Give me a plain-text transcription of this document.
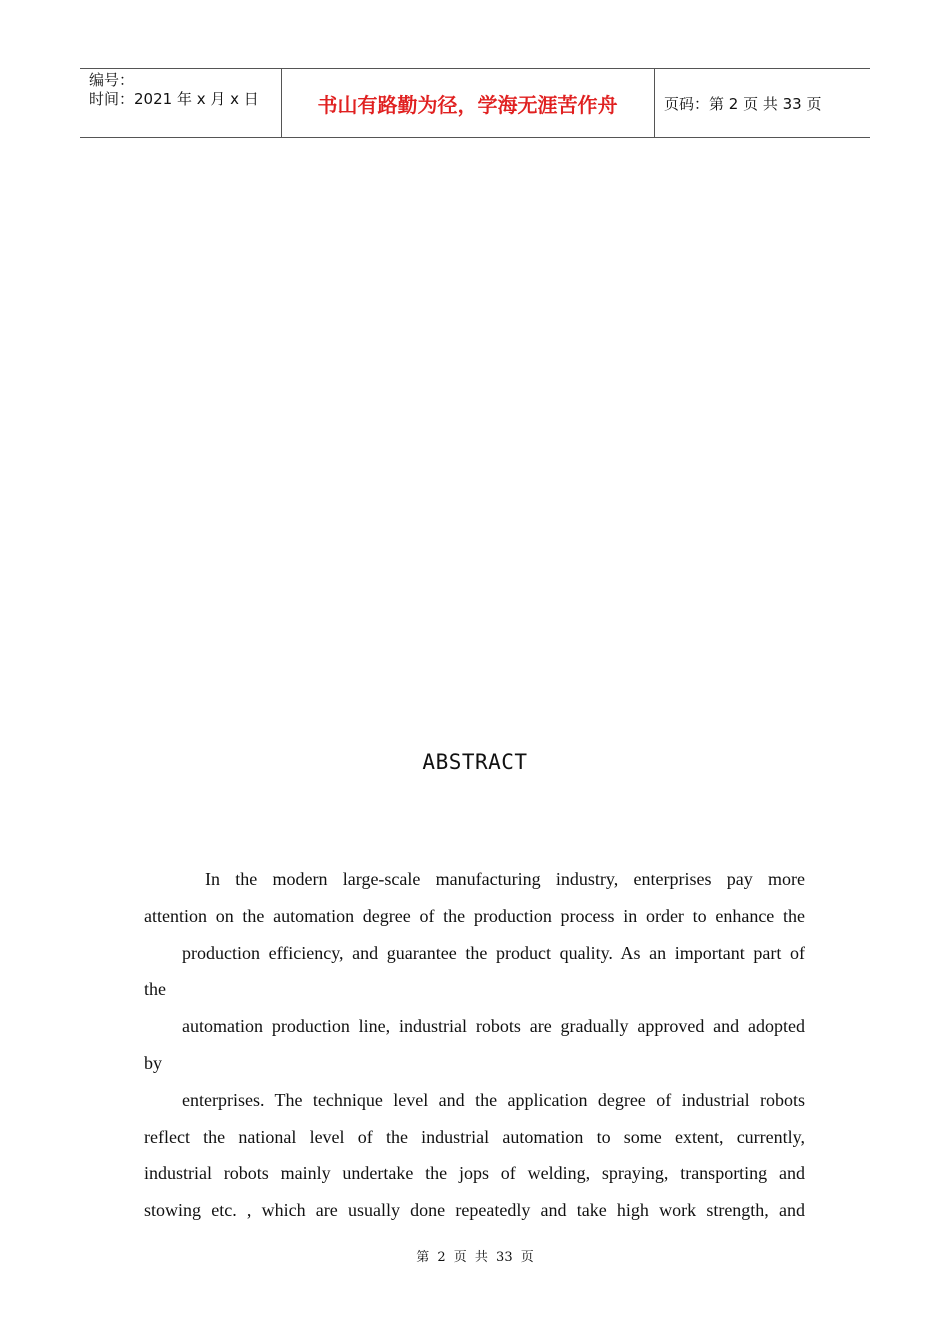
编号：
时间：2021 年 x 月 x 日	书山有路勤为径，学海无涯苦作舟	页码：第 2 页 共 33 页
ABSTRACT

In the modern large-scale manufacturing industry, enterprises pay more

attention on the automation degree of the production process in order to enhance the

production efficiency, and guarantee the product quality. As an important part of

the

automation production line, industrial robots are gradually approved and adopted

by

enterprises. The technique level and the application degree of industrial robots

reflect the national level of the industrial automation to some extent, currently,

industrial robots mainly undertake the jops of welding, spraying, transporting and

stowing etc. , which are usually done repeatedly and take high work strength, and

第 2 页 共 33 页
